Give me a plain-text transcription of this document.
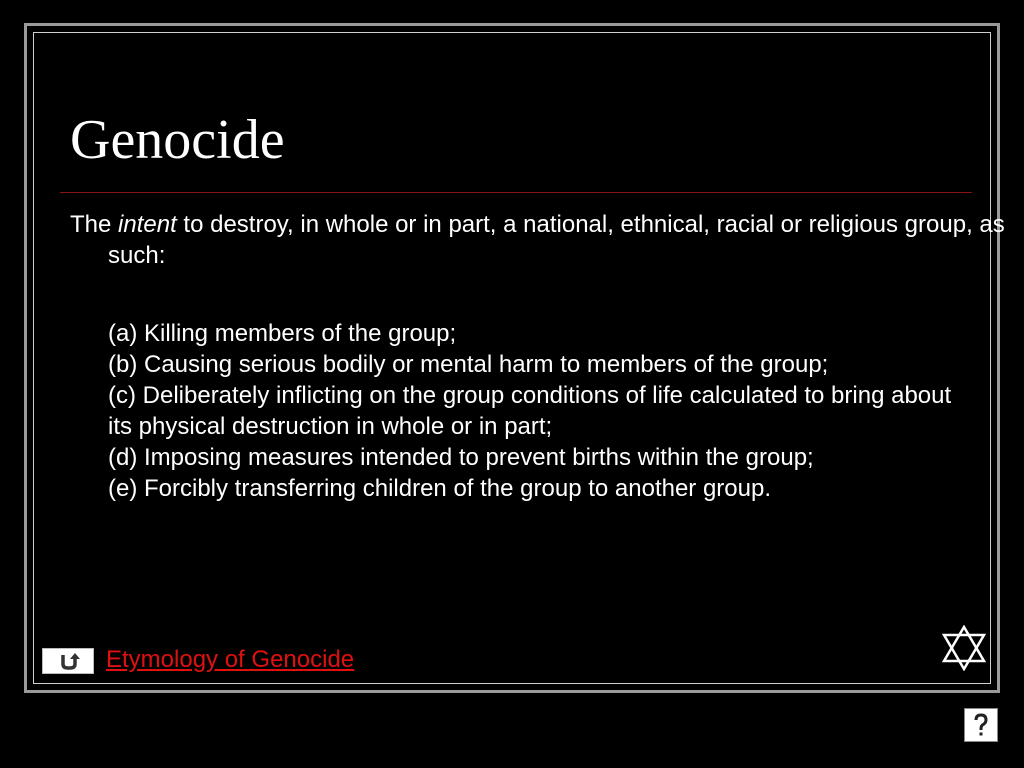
Genocide

The intent to destroy, in whole or in part, a national, ethnical, racial or religious group, as such:

(a) Killing members of the group;
(b) Causing serious bodily or mental harm to members of the group;
(c) Deliberately inflicting on the group conditions of life calculated to bring about its physical destruction in whole or in part;
(d) Imposing measures intended to prevent births within the group;
(e) Forcibly transferring children of the group to another group.
Etymology of Genocide
